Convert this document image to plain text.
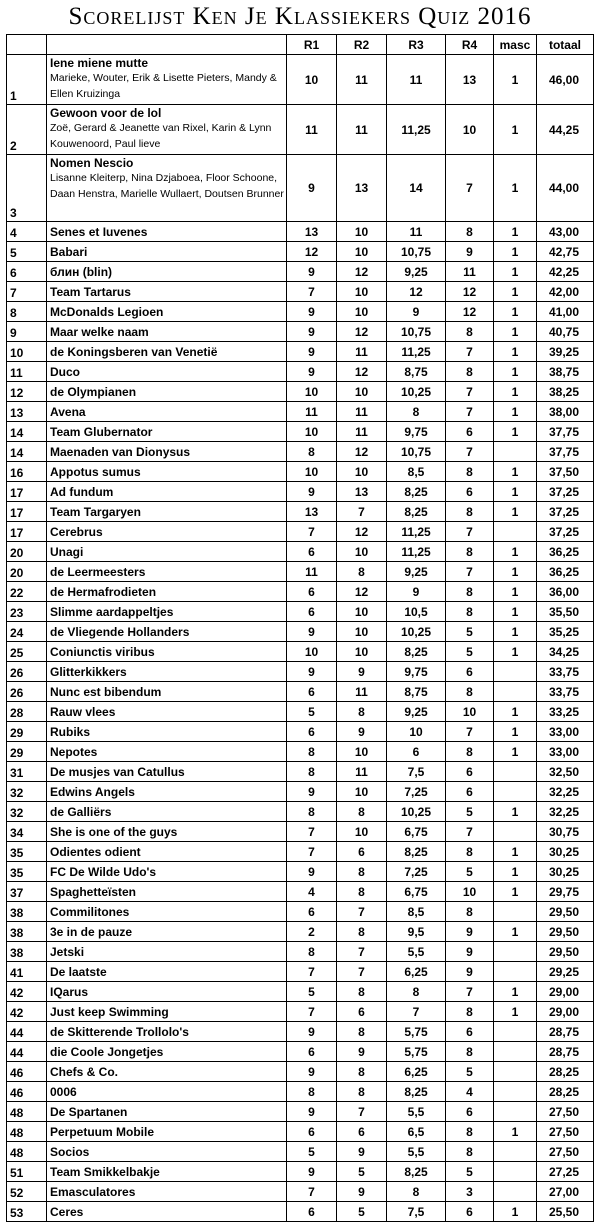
Scorelijst Ken Je Klassiekers Quiz 2016
		R1	R2	R3	R4	masc	totaal
1	Iene miene mutte
Marieke, Wouter, Erik & Lisette Pieters, Mandy & Ellen Kruizinga	10	11	11	13	1	46,00
2	Gewoon voor de lol
Zoë, Gerard & Jeanette van Rixel, Karin & Lynn Kouwenoord, Paul lieve	11	11	11,25	10	1	44,25
3	Nomen Nescio
Lisanne Kleiterp, Nina Dzjaboea, Floor Schoone, Daan Henstra, Marielle Wullaert, Doutsen Brunner	9	13	14	7	1	44,00
4	Senes et Iuvenes	13	10	11	8	1	43,00
5	Babari	12	10	10,75	9	1	42,75
6	блин (blin)	9	12	9,25	11	1	42,25
7	Team Tartarus	7	10	12	12	1	42,00
8	McDonalds Legioen	9	10	9	12	1	41,00
9	Maar welke naam	9	12	10,75	8	1	40,75
10	de Koningsberen van Venetië	9	11	11,25	7	1	39,25
11	Duco	9	12	8,75	8	1	38,75
12	de Olympianen	10	10	10,25	7	1	38,25
13	Avena	11	11	8	7	1	38,00
14	Team Glubernator	10	11	9,75	6	1	37,75
14	Maenaden van Dionysus	8	12	10,75	7		37,75
16	Appotus sumus	10	10	8,5	8	1	37,50
17	Ad fundum	9	13	8,25	6	1	37,25
17	Team Targaryen	13	7	8,25	8	1	37,25
17	Cerebrus	7	12	11,25	7		37,25
20	Unagi	6	10	11,25	8	1	36,25
20	de Leermeesters	11	8	9,25	7	1	36,25
22	de Hermafrodieten	6	12	9	8	1	36,00
23	Slimme aardappeltjes	6	10	10,5	8	1	35,50
24	de Vliegende Hollanders	9	10	10,25	5	1	35,25
25	Coniunctis viribus	10	10	8,25	5	1	34,25
26	Glitterkikkers	9	9	9,75	6		33,75
26	Nunc est bibendum	6	11	8,75	8		33,75
28	Rauw vlees	5	8	9,25	10	1	33,25
29	Rubiks	6	9	10	7	1	33,00
29	Nepotes	8	10	6	8	1	33,00
31	De musjes van Catullus	8	11	7,5	6		32,50
32	Edwins Angels	9	10	7,25	6		32,25
32	de Galliërs	8	8	10,25	5	1	32,25
34	She is one of the guys	7	10	6,75	7		30,75
35	Odientes odient	7	6	8,25	8	1	30,25
35	FC De Wilde Udo's	9	8	7,25	5	1	30,25
37	Spaghetteïsten	4	8	6,75	10	1	29,75
38	Commilitones	6	7	8,5	8		29,50
38	3e in de pauze	2	8	9,5	9	1	29,50
38	Jetski	8	7	5,5	9		29,50
41	De laatste	7	7	6,25	9		29,25
42	IQarus	5	8	8	7	1	29,00
42	Just keep Swimming	7	6	7	8	1	29,00
44	de Skitterende Trollolo's	9	8	5,75	6		28,75
44	die Coole Jongetjes	6	9	5,75	8		28,75
46	Chefs & Co.	9	8	6,25	5		28,25
46	0006	8	8	8,25	4		28,25
48	De Spartanen	9	7	5,5	6		27,50
48	Perpetuum Mobile	6	6	6,5	8	1	27,50
48	Socios	5	9	5,5	8		27,50
51	Team Smikkelbakje	9	5	8,25	5		27,25
52	Emasculatores	7	9	8	3		27,00
53	Ceres	6	5	7,5	6	1	25,50
